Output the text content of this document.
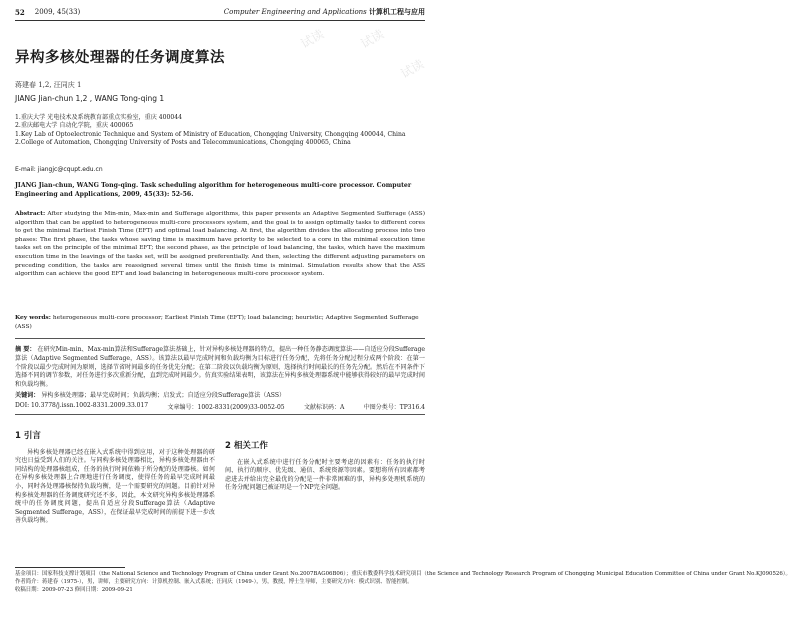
52 2009, 45(33)	Computer Engineering and Applications 计算机工程与应用
试读	试读
试读
异构多核处理器的任务调度算法
蒋建春 1,2, 汪同庆 1
JIANG Jian-chun 1,2 , WANG Tong-qing 1
1.重庆大学 光电技术及系统教育部重点实验室，重庆 400044
2.重庆邮电大学 自动化学院，重庆 400065
1.Key Lab of Optoelectronic Technique and System of Ministry of Education, Chongqing University, Chongqing 400044, China
2.College of Automation, Chongqing University of Posts and Telecommunications, Chongqing 400065, China
E-mail: jiangjc@cqupt.edu.cn
JIANG Jian-chun, WANG Tong-qing. Task scheduling algorithm for heterogeneous multi-core processor. Computer Engineering and Applications, 2009, 45(33): 52-56.
Abstract: After studying the Min-min, Max-min and Sufferage algorithms, this paper presents an Adaptive Segmented Sufferage (ASS) algorithm that can be applied to heterogeneous multi-core processors system, and the goal is to assign optimally tasks to different cores to get the minimal Earliest Finish Time (EFT) and optimal load balancing. At first, the algorithm divides the allocating process into two phases: The first phase, the tasks whose saving time is maximum have priority to be selected to a core in the minimal execution time tasks set on the principle of the minimal EFT; the second phase, as the principle of load balancing, the tasks, which have the maximum execution time in the leavings of the tasks set, will be assigned preferentially. And then, selecting the different adjusting parameters on preceding condition, the tasks are reassigned several times until the finish time is minimal. Simulation results show that the ASS algorithm can achieve the good EFT and load balancing in heterogeneous multi-core processor system.
Key words: heterogeneous multi-core processor; Earliest Finish Time (EFT); load balancing; heuristic; Adaptive Segmented Sufferage (ASS)
摘 要： 在研究Min-min、Max-min算法和Sufferage算法基础上，针对异构多核处理器的特点，提出一种任务静态调度算法——自适应分段Sufferage算法（Adaptive Segmented Sufferage，ASS）。该算法以最早完成时间和负载均衡为目标进行任务分配，先将任务分配过程分成两个阶段：在第一个阶段以最少完成时间为原则，选择节省时间最多的任务优先分配；在第二阶段以负载均衡为原则，选择执行时间最长的任务先分配。然后在不同条件下选择不同的调节参数，对任务进行多次重新分配，直到完成时间最少。仿真实验结果表明，该算法在异构多核处理器系统中能够获得较好的最早完成时间和负载均衡。
关键词： 异构多核处理器；最早完成时间；负载均衡；启发式；自适应分段Sufferage算法（ASS）
DOI: 10.3778/j.issn.1002-8331.2009.33.017	文章编号：1002-8331(2009)33-0052-05	文献标识码：A	中图分类号：TP316.4
1 引言

异构多核处理器已经在嵌入式系统中得到应用，对于这种处理器的研究也日益受到人们的关注。与同构多核处理器相比，异构多核处理器由不同结构的处理器核组成，任务的执行时间依赖于所分配的处理器核。如何在异构多核处理器上合理地进行任务调度，使得任务的最早完成时间最小，同时各处理器核保持负载均衡，是一个需要研究的问题。目前针对异构多核处理器的任务调度研究还不多，因此，本文研究异构多核处理器系统中的任务调度问题，提出自适应分段Sufferage算法（Adaptive Segmented Sufferage，ASS），在保证最早完成时间的前提下进一步改善负载均衡。

2 相关工作

在嵌入式系统中进行任务分配时主要考虑的因素有：任务的执行时间、执行的顺序、优先级、通信、系统资源等因素。要想将所有因素都考虑进去并给出完全最优的分配是一件非常困难的事，异构多处理机系统的任务分配问题已被证明是一个NP完全问题。

基金项目：国家科技支撑计划项目（the National Science and Technology Program of China under Grant No.2007BAG06B06）；重庆市教委科学技术研究项目（the Science and Technology Research Program of Chongqing Municipal Education Committee of China under Grant No.KJ090526）。
作者简介：蒋建春（1975-），男，讲师，主要研究方向：计算机控制、嵌入式系统；汪同庆（1949-），男，教授，博士生导师，主要研究方向：模式识别、智能控制。
收稿日期：2009-07-23 修回日期：2009-09-21
